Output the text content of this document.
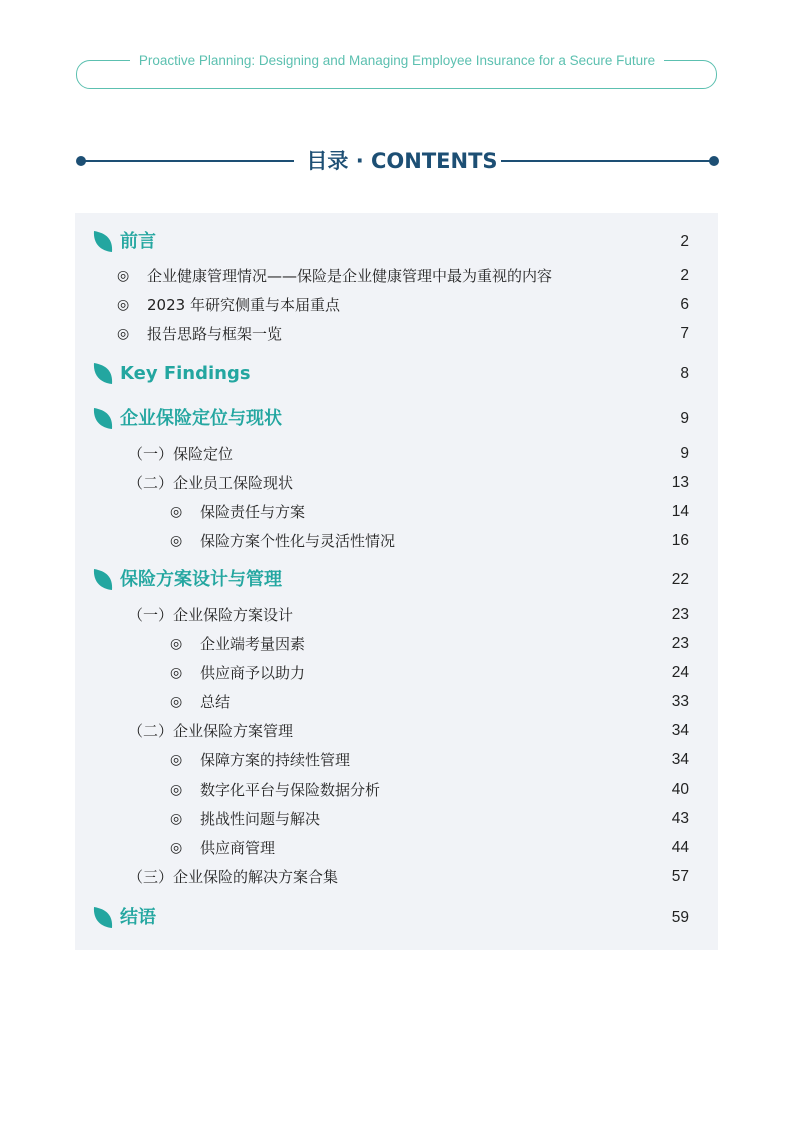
Proactive Planning: Designing and Managing Employee Insurance for a Secure Future
目录 · CONTENTS
前言	2
◎ 企业健康管理情况——保险是企业健康管理中最为重视的内容	2
◎ 2023 年研究侧重与本届重点	6
◎ 报告思路与框架一览	7
Key Findings	8
企业保险定位与现状	9
（一）保险定位	9
（二）企业员工保险现状	13
◎ 保险责任与方案	14
◎ 保险方案个性化与灵活性情况	16
保险方案设计与管理	22
（一）企业保险方案设计	23
◎ 企业端考量因素	23
◎ 供应商予以助力	24
◎ 总结	33
（二）企业保险方案管理	34
◎ 保障方案的持续性管理	34
◎ 数字化平台与保险数据分析	40
◎ 挑战性问题与解决	43
◎ 供应商管理	44
（三）企业保险的解决方案合集	57
结语	59
